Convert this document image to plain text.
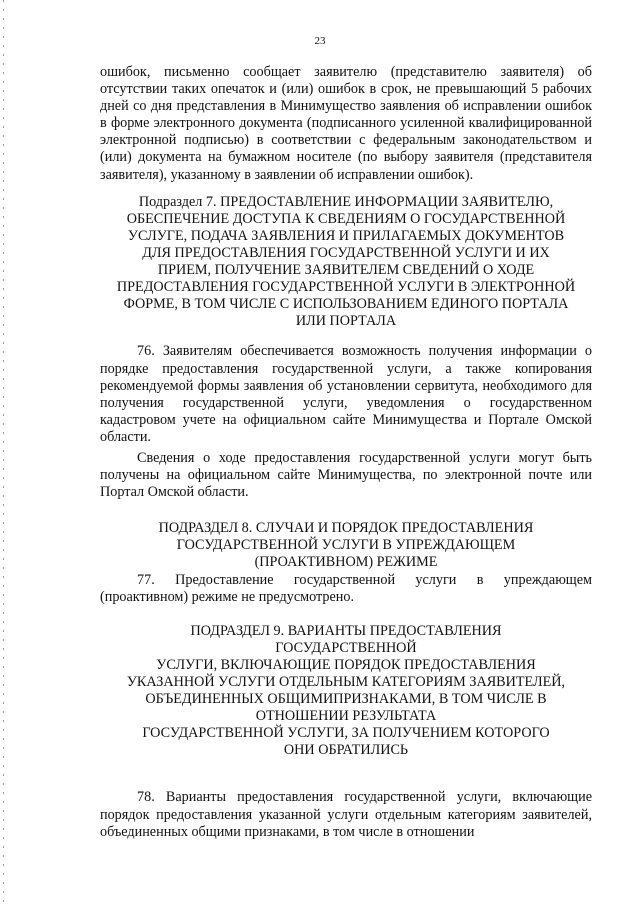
23

ошибок, письменно сообщает заявителю (представителю заявителя) об отсутствии таких опечаток и (или) ошибок в срок, не превышающий 5 рабочих дней со дня представления в Минимущество заявления об исправлении ошибок в форме электронного документа (подписанного усиленной квалифицированной электронной подписью) в соответствии с федеральным законодательством и (или) документа на бумажном носителе (по выбору заявителя (представителя заявителя), указанному в заявлении об исправлении ошибок).

Подраздел 7. ПРЕДОСТАВЛЕНИЕ ИНФОРМАЦИИ ЗАЯВИТЕЛЮ,
ОБЕСПЕЧЕНИЕ ДОСТУПА К СВЕДЕНИЯМ О ГОСУДАРСТВЕННОЙ
УСЛУГЕ, ПОДАЧА ЗАЯВЛЕНИЯ И ПРИЛАГАЕМЫХ ДОКУМЕНТОВ
ДЛЯ ПРЕДОСТАВЛЕНИЯ ГОСУДАРСТВЕННОЙ УСЛУГИ И ИХ
ПРИЕМ, ПОЛУЧЕНИЕ ЗАЯВИТЕЛЕМ СВЕДЕНИЙ О ХОДЕ
ПРЕДОСТАВЛЕНИЯ ГОСУДАРСТВЕННОЙ УСЛУГИ В ЭЛЕКТРОННОЙ
ФОРМЕ, В ТОМ ЧИСЛЕ С ИСПОЛЬЗОВАНИЕМ ЕДИНОГО ПОРТАЛА
ИЛИ ПОРТАЛА

76. Заявителям обеспечивается возможность получения информации о порядке предоставления государственной услуги, а также копирования рекомендуемой формы заявления об установлении сервитута, необходимого для получения государственной услуги, уведомления о государственном кадастровом учете на официальном сайте Минимущества и Портале Омской области.

Сведения о ходе предоставления государственной услуги могут быть получены на официальном сайте Минимущества, по электронной почте или Портал Омской области.

ПОДРАЗДЕЛ 8. СЛУЧАИ И ПОРЯДОК ПРЕДОСТАВЛЕНИЯ
ГОСУДАРСТВЕННОЙ УСЛУГИ В УПРЕЖДАЮЩЕМ
(ПРОАКТИВНОМ) РЕЖИМЕ

77. Предоставление государственной услуги в упреждающем (проактивном) режиме не предусмотрено.

ПОДРАЗДЕЛ 9. ВАРИАНТЫ ПРЕДОСТАВЛЕНИЯ
ГОСУДАРСТВЕННОЙ
УСЛУГИ, ВКЛЮЧАЮЩИЕ ПОРЯДОК ПРЕДОСТАВЛЕНИЯ
УКАЗАННОЙ УСЛУГИ ОТДЕЛЬНЫМ КАТЕГОРИЯМ ЗАЯВИТЕЛЕЙ,
ОБЪЕДИНЕННЫХ ОБЩИМИПРИЗНАКАМИ, В ТОМ ЧИСЛЕ В
ОТНОШЕНИИ РЕЗУЛЬТАТА
ГОСУДАРСТВЕННОЙ УСЛУГИ, ЗА ПОЛУЧЕНИЕМ КОТОРОГО
ОНИ ОБРАТИЛИСЬ

78. Варианты предоставления государственной услуги, включающие порядок предоставления указанной услуги отдельным категориям заявителей, объединенных общими признаками, в том числе в отношении
